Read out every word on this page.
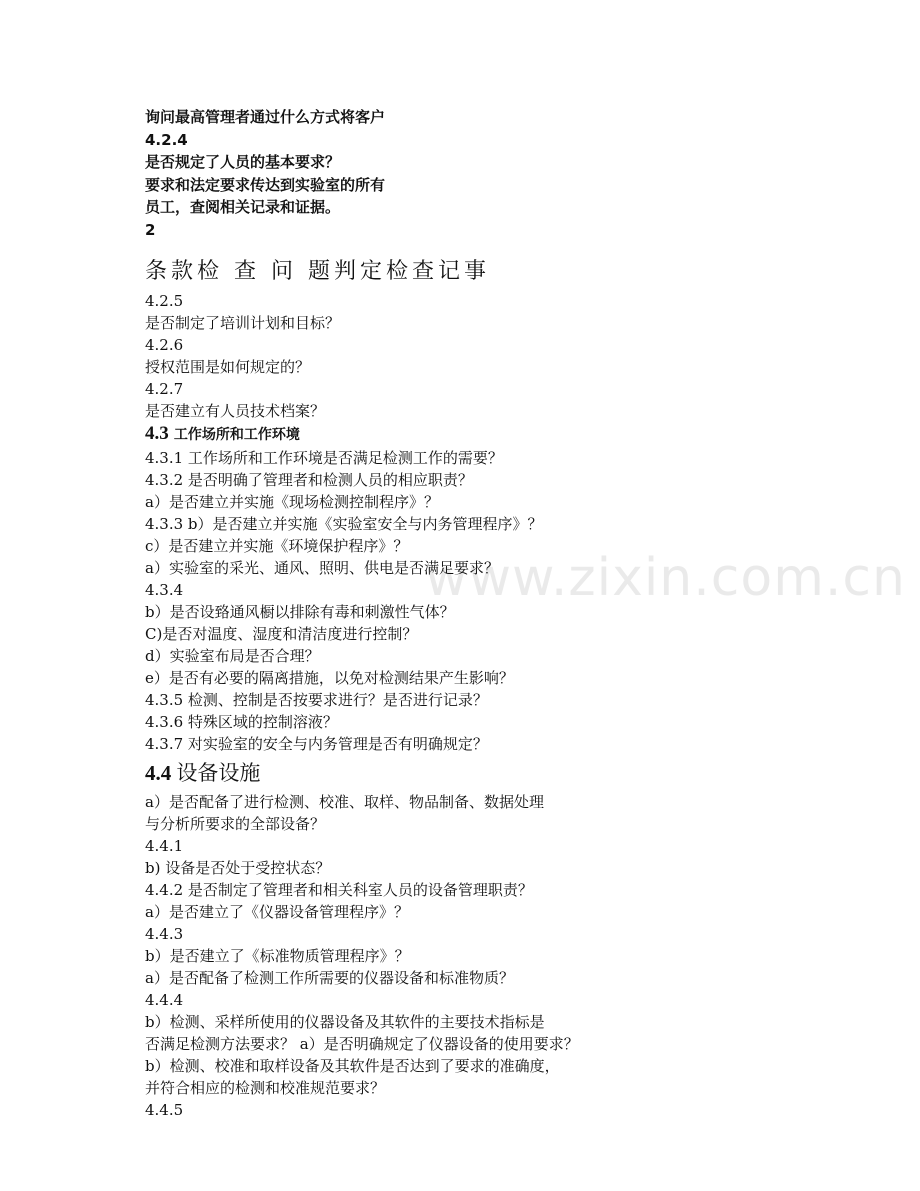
www.zixin.com.cn
询问最高管理者通过什么方式将客户
4.2.4
是否规定了人员的基本要求？
要求和法定要求传达到实验室的所有
员工，查阅相关记录和证据。
2
条款检 查 问 题判定检查记事
4.2.5
是否制定了培训计划和目标？
4.2.6
授权范围是如何规定的？
4.2.7
是否建立有人员技术档案？
4.3 工作场所和工作环境
4.3.1 工作场所和工作环境是否满足检测工作的需要？
4.3.2 是否明确了管理者和检测人员的相应职责？
a）是否建立并实施《现场检测控制程序》？
4.3.3 b）是否建立并实施《实验室安全与内务管理程序》？
c）是否建立并实施《环境保护程序》？
a）实验室的采光、通风、照明、供电是否满足要求？
4.3.4
b）是否设臵通风橱以排除有毒和刺激性气体？
C)是否对温度、湿度和清洁度进行控制？
d）实验室布局是否合理？
e）是否有必要的隔离措施，以免对检测结果产生影响？
4.3.5 检测、控制是否按要求进行？是否进行记录？
4.3.6 特殊区域的控制溶液？
4.3.7 对实验室的安全与内务管理是否有明确规定？
4.4 设备设施
a）是否配备了进行检测、校准、取样、物品制备、数据处理
与分析所要求的全部设备？
4.4.1
b) 设备是否处于受控状态？
4.4.2 是否制定了管理者和相关科室人员的设备管理职责？
a）是否建立了《仪器设备管理程序》？
4.4.3
b）是否建立了《标准物质管理程序》？
a）是否配备了检测工作所需要的仪器设备和标准物质？
4.4.4
b）检测、采样所使用的仪器设备及其软件的主要技术指标是
否满足检测方法要求？ a）是否明确规定了仪器设备的使用要求？
b）检测、校准和取样设备及其软件是否达到了要求的准确度，
并符合相应的检测和校准规范要求？
4.4.5
